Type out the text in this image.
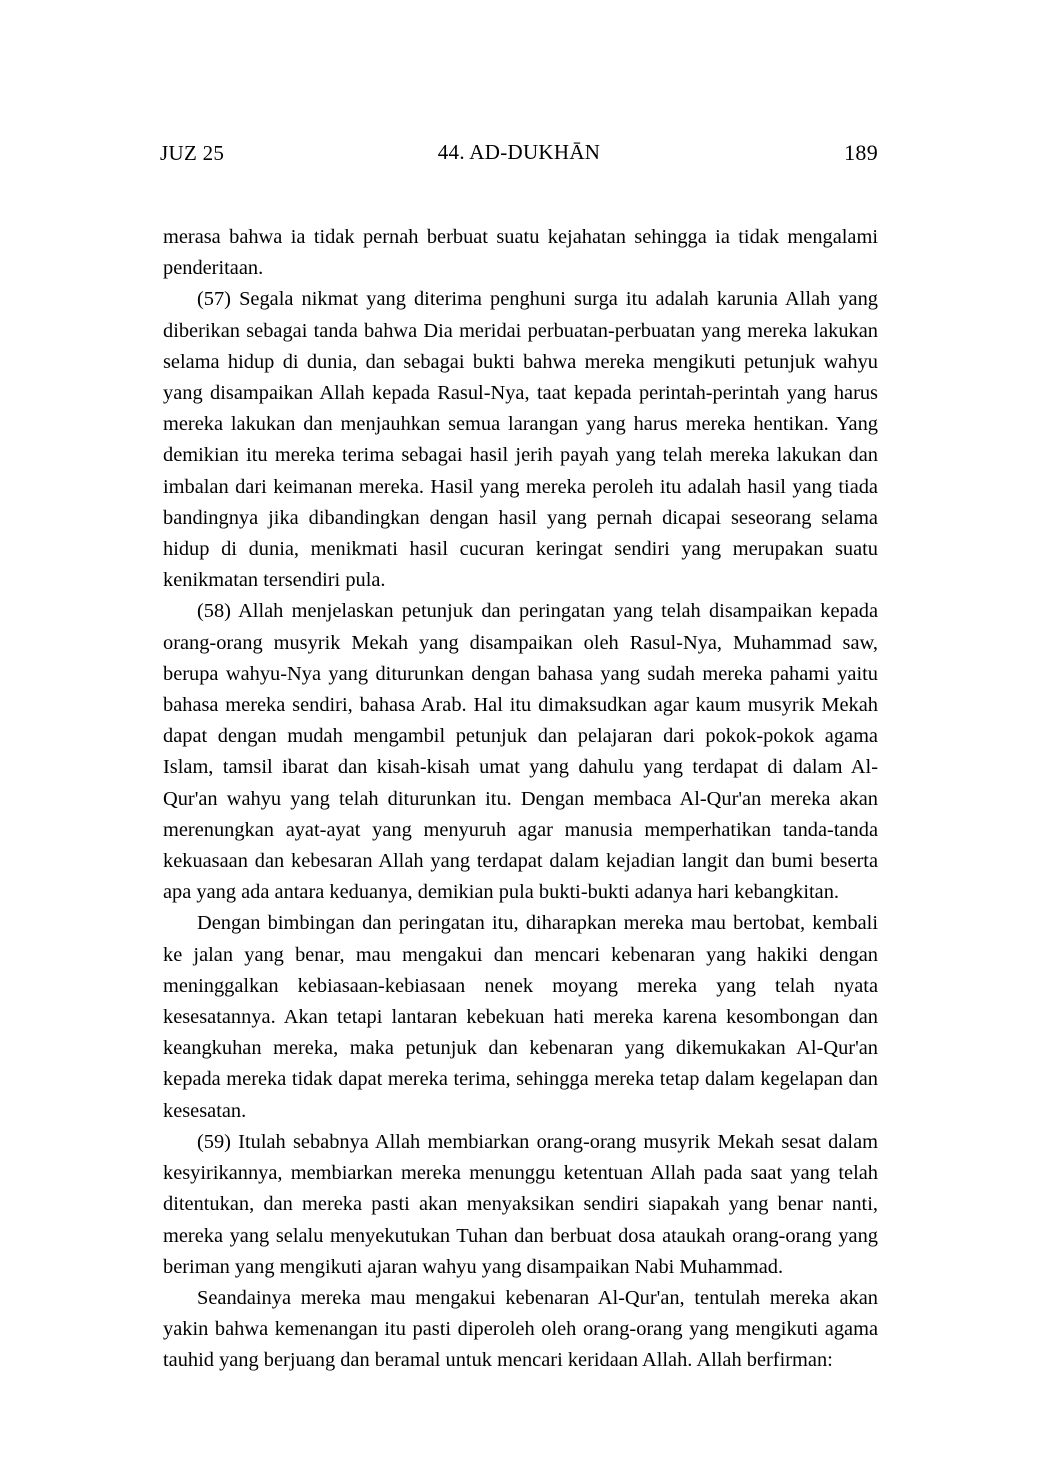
JUZ 25	44. AD-DUKHĀN	189

merasa bahwa ia tidak pernah berbuat suatu kejahatan sehingga ia tidak mengalami penderitaan.

(57) Segala nikmat yang diterima penghuni surga itu adalah karunia Allah yang diberikan sebagai tanda bahwa Dia meridai perbuatan-perbuatan yang mereka lakukan selama hidup di dunia, dan sebagai bukti bahwa mereka mengikuti petunjuk wahyu yang disampaikan Allah kepada Rasul-Nya, taat kepada perintah-perintah yang harus mereka lakukan dan menjauhkan semua larangan yang harus mereka hentikan. Yang demikian itu mereka terima sebagai hasil jerih payah yang telah mereka lakukan dan imbalan dari keimanan mereka. Hasil yang mereka peroleh itu adalah hasil yang tiada bandingnya jika dibandingkan dengan hasil yang pernah dicapai seseorang selama hidup di dunia, menikmati hasil cucuran keringat sendiri yang merupakan suatu kenikmatan tersendiri pula.

(58) Allah menjelaskan petunjuk dan peringatan yang telah disampaikan kepada orang-orang musyrik Mekah yang disampaikan oleh Rasul-Nya, Muhammad saw, berupa wahyu-Nya yang diturunkan dengan bahasa yang sudah mereka pahami yaitu bahasa mereka sendiri, bahasa Arab. Hal itu dimaksudkan agar kaum musyrik Mekah dapat dengan mudah mengambil petunjuk dan pelajaran dari pokok-pokok agama Islam, tamsil ibarat dan kisah-kisah umat yang dahulu yang terdapat di dalam Al-Qur'an wahyu yang telah diturunkan itu. Dengan membaca Al-Qur'an mereka akan merenungkan ayat-ayat yang menyuruh agar manusia memperhatikan tanda-tanda kekuasaan dan kebesaran Allah yang terdapat dalam kejadian langit dan bumi beserta apa yang ada antara keduanya, demikian pula bukti-bukti adanya hari kebangkitan.

Dengan bimbingan dan peringatan itu, diharapkan mereka mau bertobat, kembali ke jalan yang benar, mau mengakui dan mencari kebenaran yang hakiki dengan meninggalkan kebiasaan-kebiasaan nenek moyang mereka yang telah nyata kesesatannya. Akan tetapi lantaran kebekuan hati mereka karena kesombongan dan keangkuhan mereka, maka petunjuk dan kebenaran yang dikemukakan Al-Qur'an kepada mereka tidak dapat mereka terima, sehingga mereka tetap dalam kegelapan dan kesesatan.

(59) Itulah sebabnya Allah membiarkan orang-orang musyrik Mekah sesat dalam kesyirikannya, membiarkan mereka menunggu ketentuan Allah pada saat yang telah ditentukan, dan mereka pasti akan menyaksikan sendiri siapakah yang benar nanti, mereka yang selalu menyekutukan Tuhan dan berbuat dosa ataukah orang-orang yang beriman yang mengikuti ajaran wahyu yang disampaikan Nabi Muhammad.

Seandainya mereka mau mengakui kebenaran Al-Qur'an, tentulah mereka akan yakin bahwa kemenangan itu pasti diperoleh oleh orang-orang yang mengikuti agama tauhid yang berjuang dan beramal untuk mencari keridaan Allah. Allah berfirman:
